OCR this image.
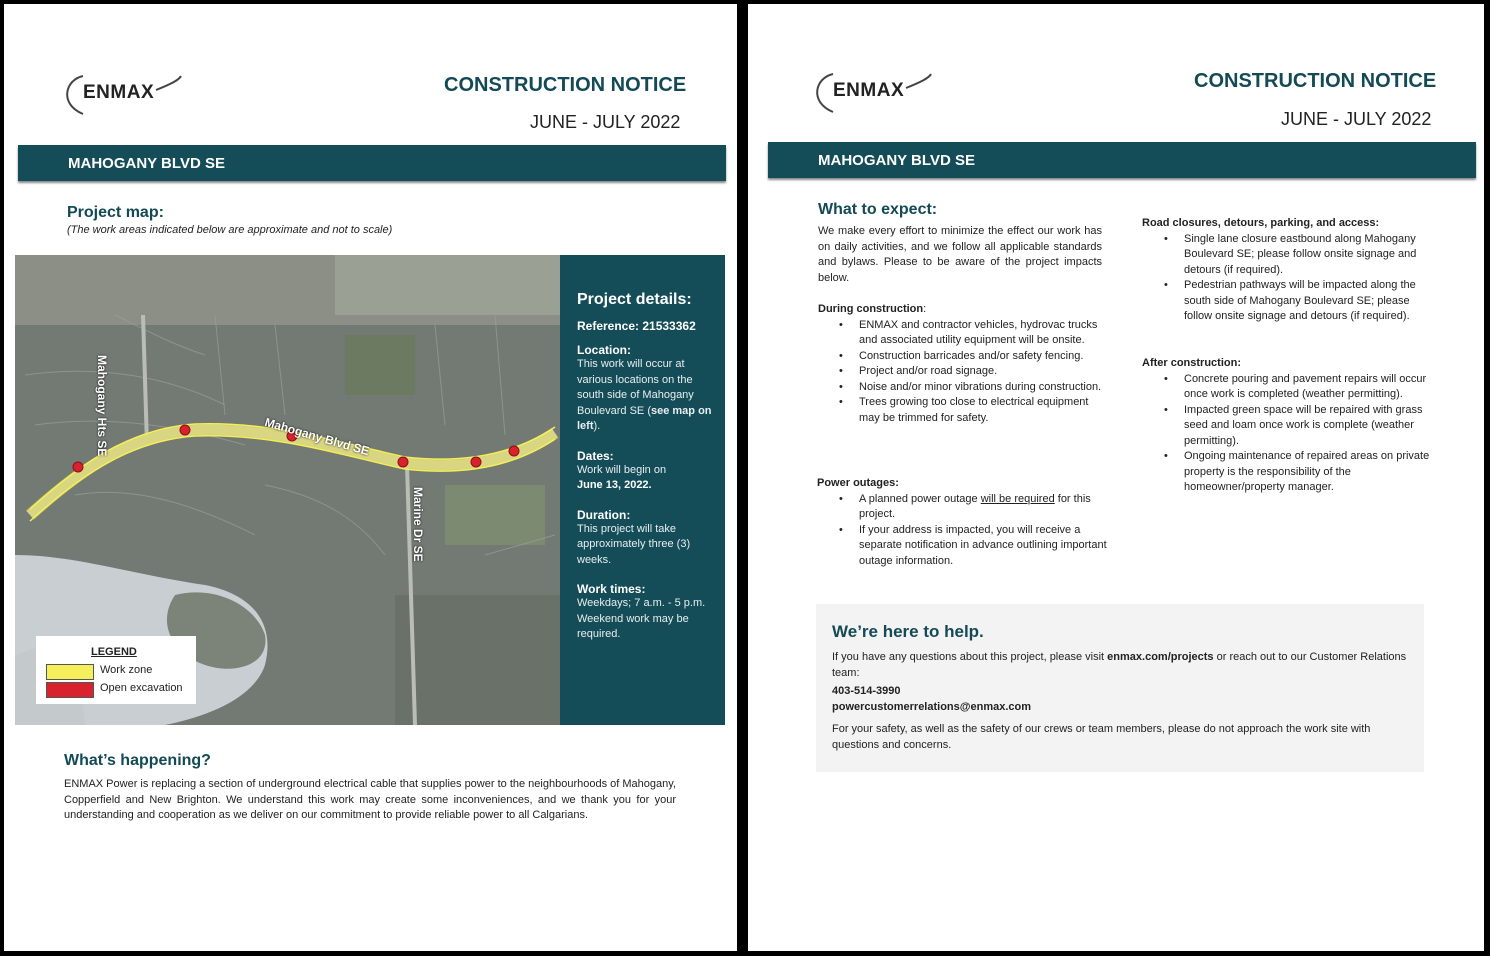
ENMAX	CONSTRUCTION NOTICE
JUNE - JULY 2022
MAHOGANY BLVD SE
Project map:
(The work areas indicated below are approximate and not to scale)
Mahogany Hts SE	Mahogany Blvd SE
Marine Dr SE
LEGEND
Work zone
Open excavation
Project details:
Reference: 21533362
Location:
This work will occur at various locations on the south side of Mahogany Boulevard SE (see map on left).
Dates:
Work will begin on
June 13, 2022.
Duration:
This project will take approximately three (3) weeks.
Work times:
Weekdays; 7 a.m. - 5 p.m. Weekend work may be required.
What’s happening?
ENMAX Power is replacing a section of underground electrical cable that supplies power to the neighbourhoods of Mahogany, Copperfield and New Brighton. We understand this work may create some inconveniences, and we thank you for your understanding and cooperation as we deliver on our commitment to provide reliable power to all Calgarians.
ENMAX	CONSTRUCTION NOTICE
JUNE - JULY 2022
MAHOGANY BLVD SE
What to expect:
We make every effort to minimize the effect our work has on daily activities, and we follow all applicable standards and bylaws. Please to be aware of the project impacts below.
During construction:
• ENMAX and contractor vehicles, hydrovac trucks and associated utility equipment will be onsite.
• Construction barricades and/or safety fencing.
• Project and/or road signage.
• Noise and/or minor vibrations during construction.
• Trees growing too close to electrical equipment may be trimmed for safety.
Power outages:
• A planned power outage will be required for this project.
• If your address is impacted, you will receive a separate notification in advance outlining important outage information.
Road closures, detours, parking, and access:
• Single lane closure eastbound along Mahogany Boulevard SE; please follow onsite signage and detours (if required).
• Pedestrian pathways will be impacted along the south side of Mahogany Boulevard SE; please follow onsite signage and detours (if required).
After construction:
• Concrete pouring and pavement repairs will occur once work is completed (weather permitting).
• Impacted green space will be repaired with grass seed and loam once work is complete (weather permitting).
• Ongoing maintenance of repaired areas on private property is the responsibility of the homeowner/property manager.
We’re here to help.
If you have any questions about this project, please visit enmax.com/projects or reach out to our Customer Relations team:
403-514-3990
powercustomerrelations@enmax.com
For your safety, as well as the safety of our crews or team members, please do not approach the work site with questions and concerns.
